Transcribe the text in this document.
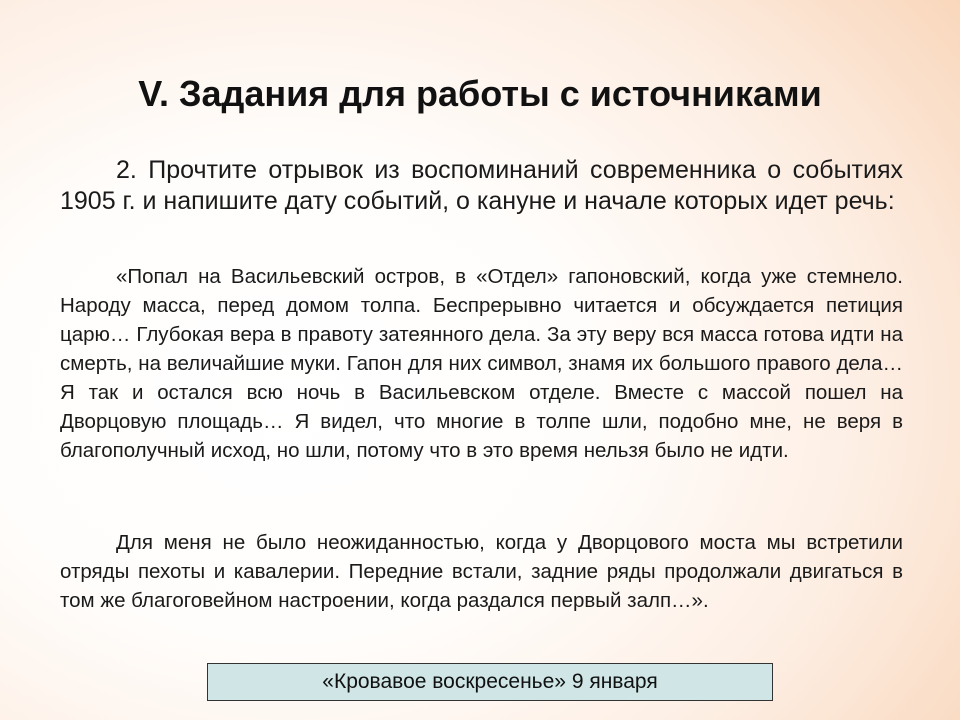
V. Задания для работы с источниками

2. Прочтите отрывок из воспоминаний современника о событиях 1905 г. и напишите дату событий, о кануне и начале которых идет речь:

«Попал на Васильевский остров, в «Отдел» гапоновский, когда уже стемнело. Народу масса, перед домом толпа. Беспрерывно читается и обсуждается петиция царю… Глубокая вера в правоту затеянного дела. За эту веру вся масса готова идти на смерть, на величайшие муки. Гапон для них символ, знамя их большого правого дела… Я так и остался всю ночь в Васильевском отделе. Вместе с массой пошел на Дворцовую площадь… Я видел, что многие в толпе шли, подобно мне, не веря в благополучный исход, но шли, потому что в это время нельзя было не идти.

Для меня не было неожиданностью, когда у Дворцового моста мы встретили отряды пехоты и кавалерии. Передние встали, задние ряды продолжали двигаться в том же благоговейном настроении, когда раздался первый залп…».

«Кровавое воскресенье» 9 января
